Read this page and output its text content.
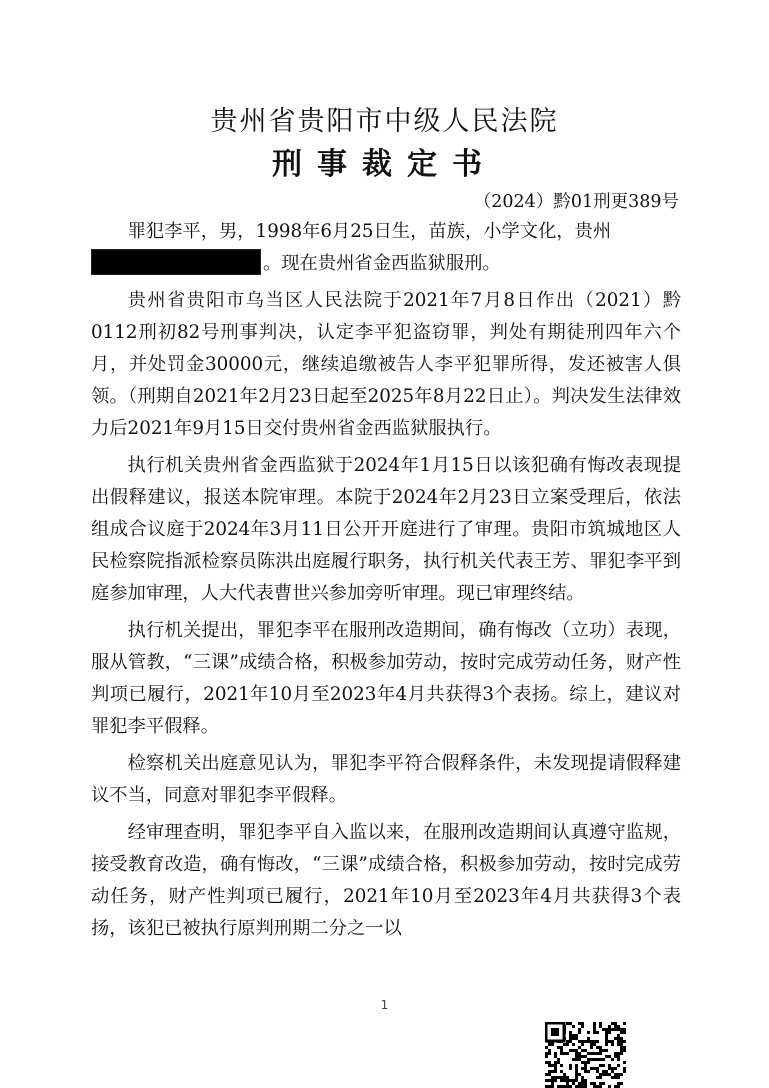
贵州省贵阳市中级人民法院
刑事裁定书
（2024）黔01刑更389号

罪犯李平，男，1998年6月25日生，苗族，小学文化，贵州
。现在贵州省金西监狱服刑。

贵州省贵阳市乌当区人民法院于2021年7月8日作出（2021）黔0112刑初82号刑事判决，认定李平犯盗窃罪，判处有期徒刑四年六个月，并处罚金30000元，继续追缴被告人李平犯罪所得，发还被害人俱领。（刑期自2021年2月23日起至2025年8月22日止）。判决发生法律效力后2021年9月15日交付贵州省金西监狱服执行。

执行机关贵州省金西监狱于2024年1月15日以该犯确有悔改表现提出假释建议，报送本院审理。本院于2024年2月23日立案受理后，依法组成合议庭于2024年3月11日公开开庭进行了审理。贵阳市筑城地区人民检察院指派检察员陈洪出庭履行职务，执行机关代表王芳、罪犯李平到庭参加审理，人大代表曹世兴参加旁听审理。现已审理终结。

执行机关提出，罪犯李平在服刑改造期间，确有悔改（立功）表现，服从管教，“三课”成绩合格，积极参加劳动，按时完成劳动任务，财产性判项已履行，2021年10月至2023年4月共获得3个表扬。综上，建议对罪犯李平假释。

检察机关出庭意见认为，罪犯李平符合假释条件，未发现提请假释建议不当，同意对罪犯李平假释。

经审理查明，罪犯李平自入监以来，在服刑改造期间认真遵守监规，接受教育改造，确有悔改，“三课”成绩合格，积极参加劳动，按时完成劳动任务，财产性判项已履行，2021年10月至2023年4月共获得3个表扬，该犯已被执行原判刑期二分之一以

1
